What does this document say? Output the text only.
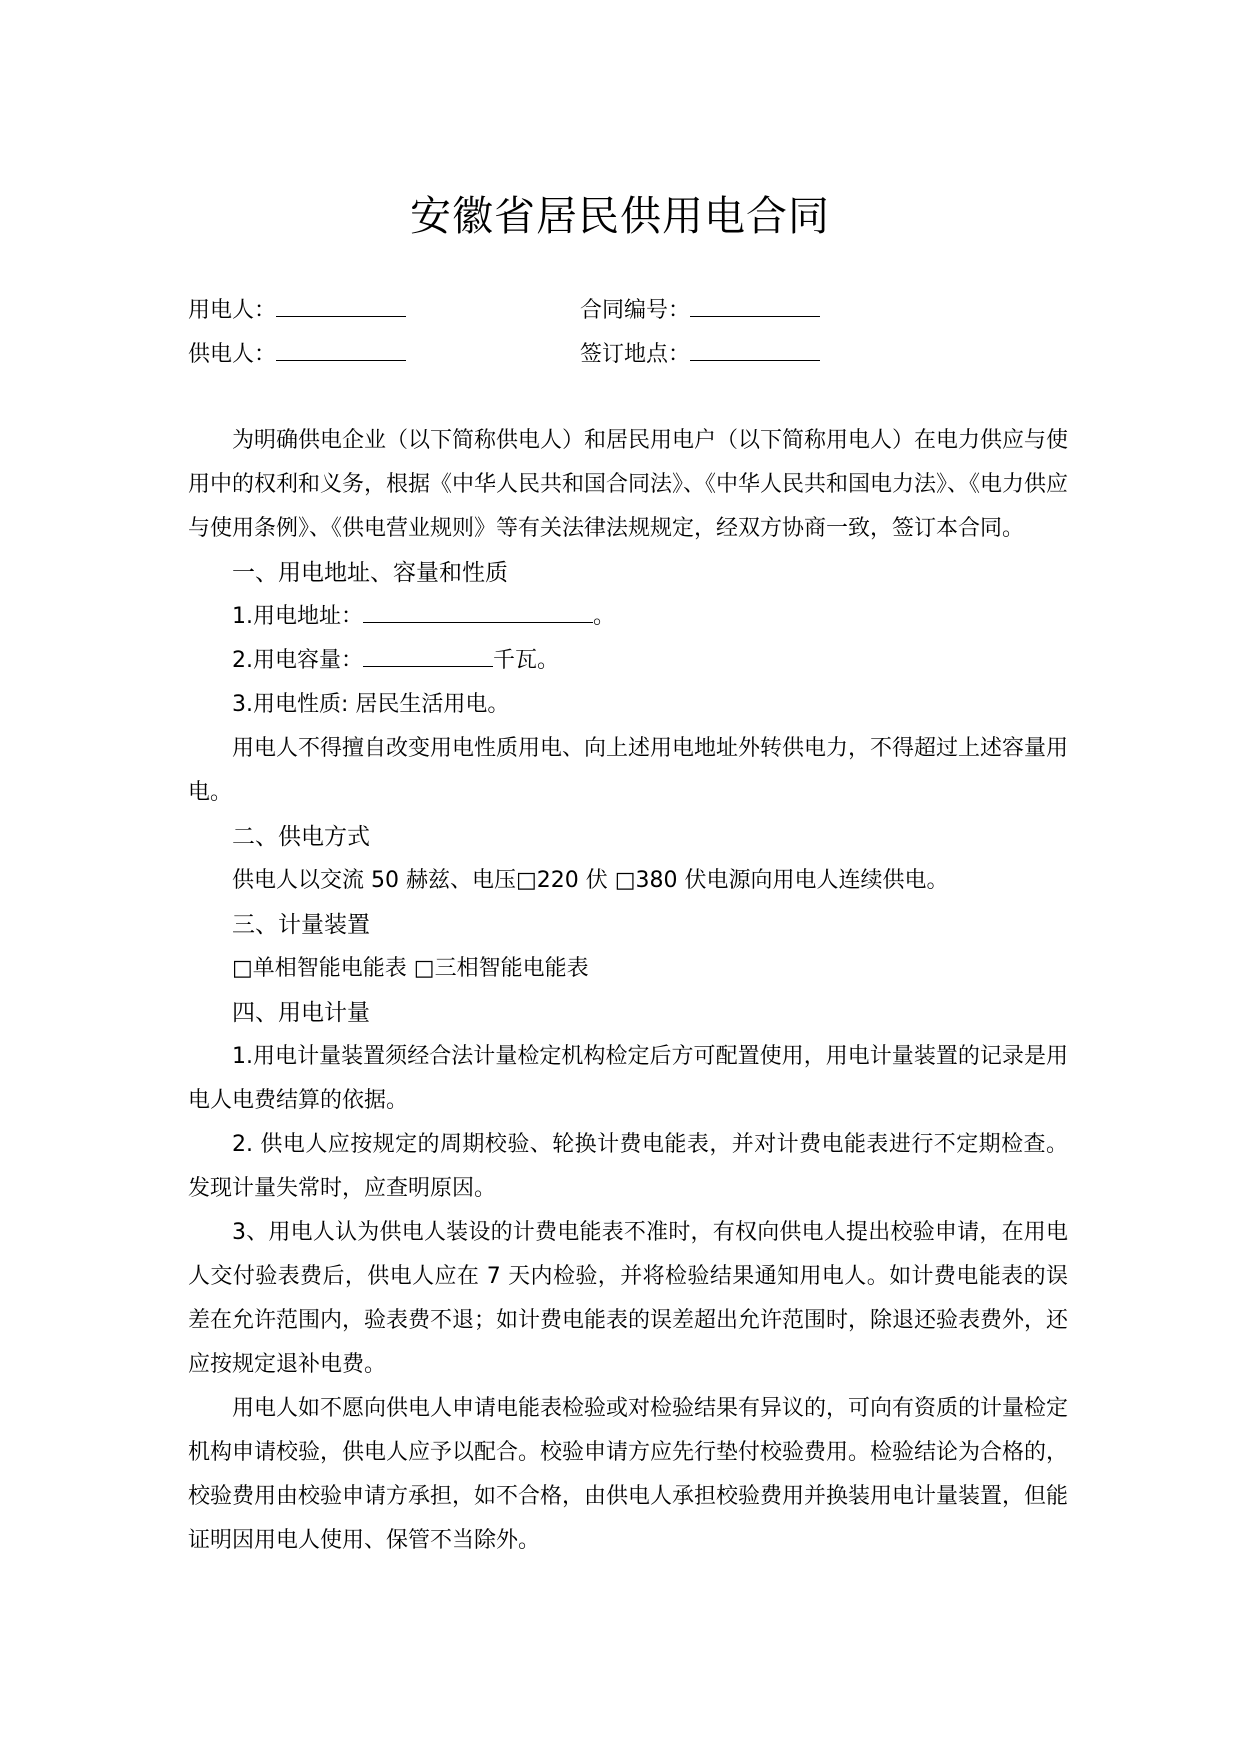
安徽省居民供用电合同
用电人：	合同编号：
供电人：	签订地点：

为明确供电企业（以下简称供电人）和居民用电户（以下简称用电人）在电力供应与使用中的权利和义务，根据《中华人民共和国合同法》、《中华人民共和国电力法》、《电力供应与使用条例》、《供电营业规则》等有关法律法规规定，经双方协商一致，签订本合同。

一、用电地址、容量和性质

1.用电地址：	。

2.用电容量：	千瓦。

3.用电性质: 居民生活用电。

用电人不得擅自改变用电性质用电、向上述用电地址外转供电力，不得超过上述容量用电。

二、供电方式

供电人以交流 50 赫兹、电压□220 伏 □380 伏电源向用电人连续供电。

三、计量装置

□单相智能电能表 □三相智能电能表

四、用电计量

1.用电计量装置须经合法计量检定机构检定后方可配置使用，用电计量装置的记录是用电人电费结算的依据。

2. 供电人应按规定的周期校验、轮换计费电能表，并对计费电能表进行不定期检查。发现计量失常时，应查明原因。

3、用电人认为供电人装设的计费电能表不准时，有权向供电人提出校验申请，在用电人交付验表费后，供电人应在 7 天内检验，并将检验结果通知用电人。如计费电能表的误差在允许范围内，验表费不退；如计费电能表的误差超出允许范围时，除退还验表费外，还应按规定退补电费。

用电人如不愿向供电人申请电能表检验或对检验结果有异议的，可向有资质的计量检定机构申请校验，供电人应予以配合。校验申请方应先行垫付校验费用。检验结论为合格的，校验费用由校验申请方承担，如不合格，由供电人承担校验费用并换装用电计量装置，但能证明因用电人使用、保管不当除外。
